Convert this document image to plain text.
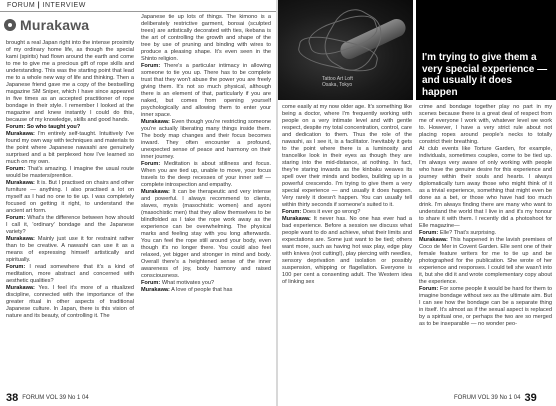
FORUM | INTERVIEW
Murakawa

brought a real Japan right into the intense proximity of my ordinary home life, as though the special kami (spirits) had flown around the earth and come to me to give me a precious gift of rope skills and understanding. This was the starting point that lead me to a whole new way of life and thinking. Then a Japanese friend gave me a copy of the bestselling magazine SM Sniper, which I have since appeared in five times as an accepted practitioner of rope bondage in their style. I remember I looked at the magazine and knew instantly I could do this, because of my knowledge, skills and good hands.

Forum: So who taught you?

Murakawa: I'm entirely self-taught. Intuitively I've found my own way with techniques and materials to the point where Japanese nawashi are genuinely surprised and a bit perplexed how I've learned so much on my own.

Forum: That's amazing. I imagine the usual route would be masters/prentice.

Murakawa: It is. But I practised on chairs and other furniture — anything. I also practised a lot on myself as I had no one to tie up. I was completely focused on getting it right, to understand the ancient art form.

Forum: What's the difference between how should I call it, 'ordinary' bondage and the Japanese variety?

Murakawa: Mainly just use it for restraint rather than to be creative. A nawashi can use it as a means of expressing himself artistically and spiritually.

Forum: I read somewhere that it's a kind of meditation, more abstract and concerned with aesthetic qualities?

Murakawa: Yes. I feel it's more of a ritualized discipline, connected with the importance of the greater ritual in other aspects of traditional Japanese culture. In Japan, there is this vision of nature and its beauty, of controlling it. The

Japanese tie up lots of things. The kimono is a deliberately restrictive garment, bonsai (sculpted trees) are artistically decorated with ties, ikebana is the art of controlling the growth and shape of the tree by use of pruning and binding with wires to produce a pleasing shape. It's even seen in the Shinto religion.

Forum: There's a particular intimacy in allowing someone to tie you up. There has to be complete trust that they won't abuse the power you are freely giving them. It's not so much physical, although there is an element of that, particularly if you are naked, but comes from opening yourself psychologically and allowing them to enter your inner space.

Murakawa: Even though you're restricting someone you're actually liberating many things inside them. The body map changes and their focus becomes inward. They often encounter a profound, unexpected sense of peace and harmony on their inner journey.

Forum: Meditation is about stillness and focus. When you are tied up, unable to move, your focus travels to the deep recesses of your inner self — complete introspection and empathy.

Murakawa: It can be therapeutic and very intense and powerful. I always recommend to clients, slaves, mysis (masochistic women) and ayoni (masochistic men) that they allow themselves to be blindfolded as I take the rope work away as the experience can be overwhelming. The physical marks and feeling stay with you long afterwards. You can feel the rope still around your body, even though it's no longer there. You could also feel relaxed, yet bigger and stronger in mind and body. Overall there's a heightened sense of the inner awareness of joy, body harmony and raised consciousness.

Forum: What motivates you?

Murakawa: A love of people that has

38 FORUM VOL 39 No 1 04
Tattoo Art Loft
Osaka, Tokyo
I'm trying to give them a very special experience — and usually it does happen

come easily at my now older age. It's something like being a doctor, where I'm frequently working with people on a very intimate level and with gentle respect, despite my total concentration, control, care and dedication to them. Thus the role of the nawashi, as I see it, is a facilitator. Inevitably it gets to the point where there is a luminosity and trancelike look in their eyes as though they are staring into the mid-distance, at nothing. In fact, they're staring inwards as the kinbaku weaves its spell over their minds and bodies, building up in a powerful crescendo. I'm trying to give them a very special experience — and usually it does happen. Very rarely it doesn't happen. You can usually tell within thirty seconds if someone's suited to it.

Forum: Does it ever go wrong?

Murakawa: It never has. No one has ever had a bad experience. Before a session we discuss what people want to do and achieve, what their limits and expectations are. Some just want to be tied; others want more, such as having hot wax play, edge play with knives (not cutting!), play piercing with needles, sensory deprivation and isolation or possibly suspension, whipping or flagellation. Everyone is 100 per cent a consenting adult. The Western idea of linking sex

crime and bondage together play no part in my scenes because there is a great deal of respect from me of everyone I work with, whatever level we work to. However, I have a very strict rule about not placing ropes around people's necks to totally constrict their breathing.

At club events like Torture Garden, for example, individuals, sometimes couples, come to be tied up. I'm always very aware of only working with people who have the genuine desire for this experience and journey within their souls and hearts. I always diplomatically turn away those who might think of it as a trivial experience, something that might even be done as a bet, or those who have had too much drink. I'm always finding there are many who want to understand the world that I live in and it's my honour to share it with them. I recently did a photoshoot for Elle magazine—

Forum: Elle? That's surprising.

Murakawa: This happened in the lavish premises of Coco de Mer in Covent Garden. Elle sent one of their female feature writers for me to tie up and be photographed for the publication. She wrote of her experience and responses. I could tell she wasn't into it, but she did it and wrote complementary copy about the experience.

Forum: For some people it would be hard for them to imagine bondage without sex as the ultimate aim. But I can see how the bondage can be a separate thing in itself. It's almost as if the sexual aspect is replaced by a spiritual one, or perhaps the two are so merged as to be inseparable — no wonder peo-

FORUM VOL 39 No 1 04 39
